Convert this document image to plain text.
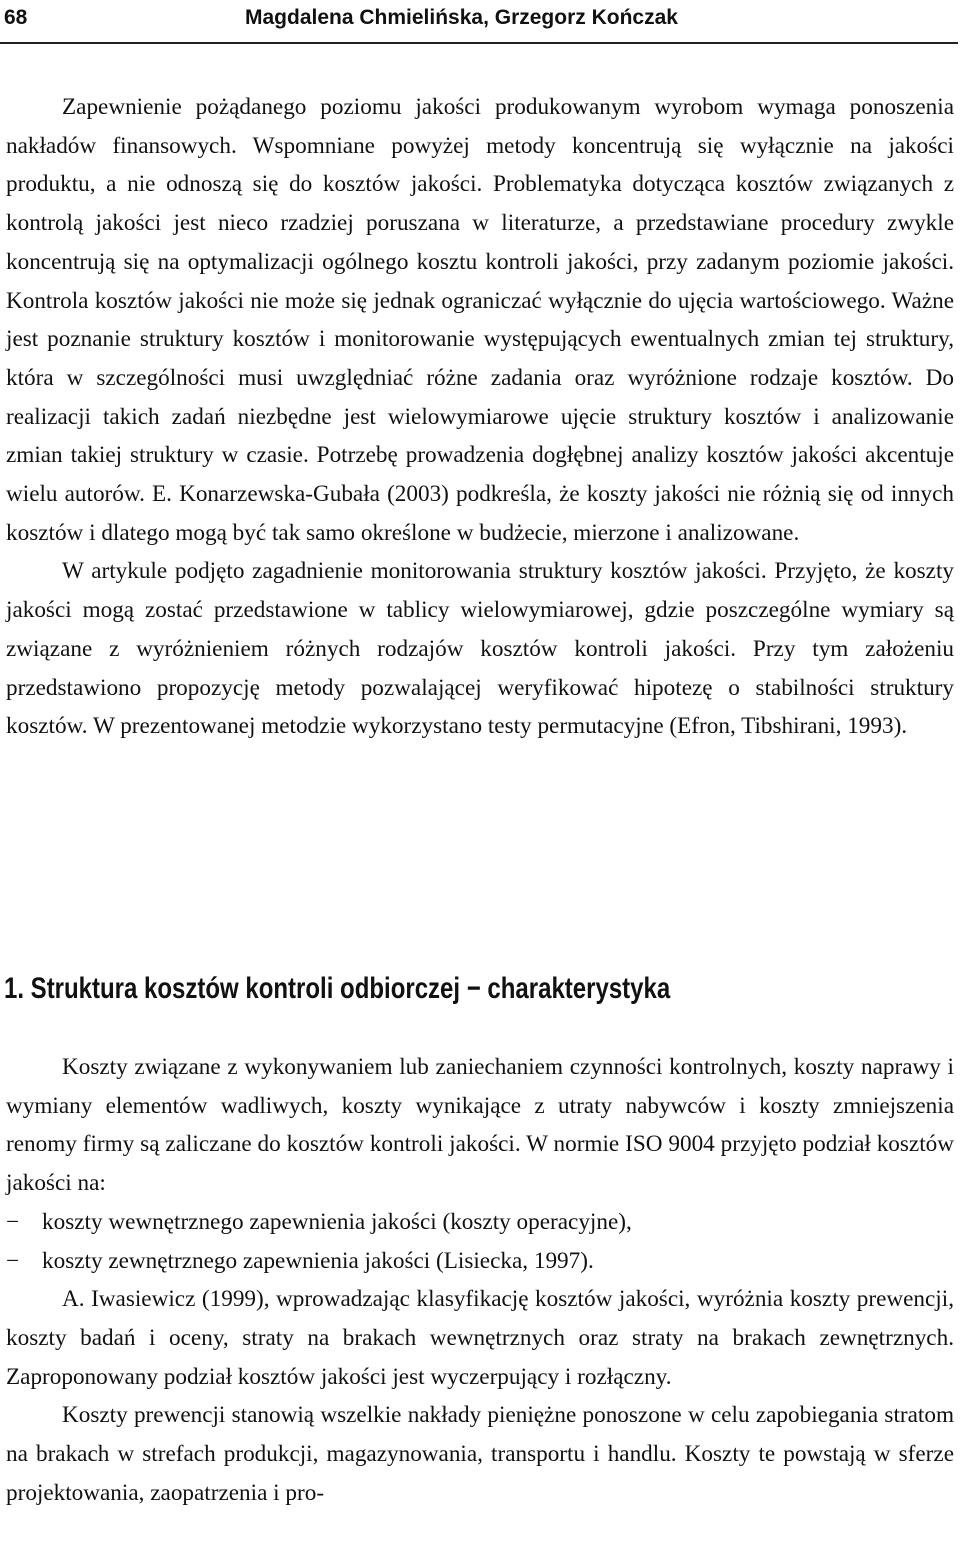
68	Magdalena Chmielińska, Grzegorz Kończak

Zapewnienie pożądanego poziomu jakości produkowanym wyrobom wymaga ponoszenia nakładów finansowych. Wspomniane powyżej metody koncentrują się wyłącznie na jakości produktu, a nie odnoszą się do kosztów jakości. Problematyka dotycząca kosztów związanych z kontrolą jakości jest nieco rzadziej poruszana w literaturze, a przedstawiane procedury zwykle koncentrują się na optymalizacji ogólnego kosztu kontroli jakości, przy zadanym poziomie jakości. Kontrola kosztów jakości nie może się jednak ograniczać wyłącznie do ujęcia wartościowego. Ważne jest poznanie struktury kosztów i monitorowanie występujących ewentualnych zmian tej struktury, która w szczególności musi uwzględniać różne zadania oraz wyróżnione rodzaje kosztów. Do realizacji takich zadań niezbędne jest wielowymiarowe ujęcie struktury kosztów i analizowanie zmian takiej struktury w czasie. Potrzebę prowadzenia dogłębnej analizy kosztów jakości akcentuje wielu autorów. E. Konarzewska-Gubała (2003) podkreśla, że koszty jakości nie różnią się od innych kosztów i dlatego mogą być tak samo określone w budżecie, mierzone i analizowane.

W artykule podjęto zagadnienie monitorowania struktury kosztów jakości. Przyjęto, że koszty jakości mogą zostać przedstawione w tablicy wielowymiarowej, gdzie poszczególne wymiary są związane z wyróżnieniem różnych rodzajów kosztów kontroli jakości. Przy tym założeniu przedstawiono propozycję metody pozwalającej weryfikować hipotezę o stabilności struktury kosztów. W prezentowanej metodzie wykorzystano testy permutacyjne (Efron, Tibshirani, 1993).

1. Struktura kosztów kontroli odbiorczej − charakterystyka

Koszty związane z wykonywaniem lub zaniechaniem czynności kontrolnych, koszty naprawy i wymiany elementów wadliwych, koszty wynikające z utraty nabywców i koszty zmniejszenia renomy firmy są zaliczane do kosztów kontroli jakości. W normie ISO 9004 przyjęto podział kosztów jakości na:

− koszty wewnętrznego zapewnienia jakości (koszty operacyjne),
− koszty zewnętrznego zapewnienia jakości (Lisiecka, 1997).

A. Iwasiewicz (1999), wprowadzając klasyfikację kosztów jakości, wyróżnia koszty prewencji, koszty badań i oceny, straty na brakach wewnętrznych oraz straty na brakach zewnętrznych. Zaproponowany podział kosztów jakości jest wyczerpujący i rozłączny.

Koszty prewencji stanowią wszelkie nakłady pieniężne ponoszone w celu zapobiegania stratom na brakach w strefach produkcji, magazynowania, transportu i handlu. Koszty te powstają w sferze projektowania, zaopatrzenia i pro-
